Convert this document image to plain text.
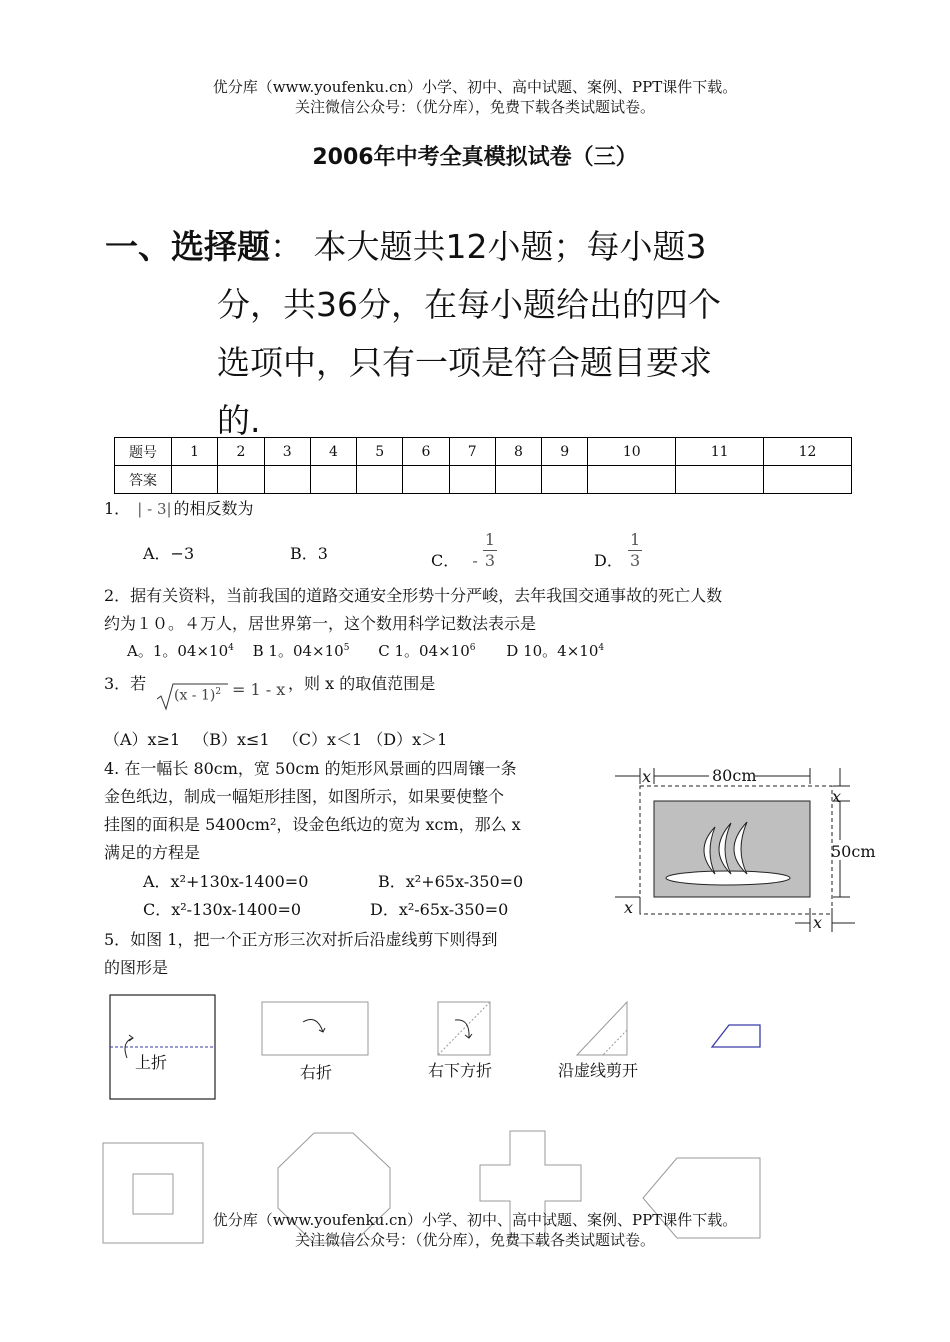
优分库（www.youfenku.cn）小学、初中、高中试题、案例、PPT课件下载。
关注微信公众号：（优分库），免费下载各类试题试卷。
2006年中考全真模拟试卷（三）
一、选择题： 本大题共12小题；每小题3
分，共36分，在每小题给出的四个
选项中，只有一项是符合题目要求
的.
题号	1	2	3	4	5	6	7	8	9	10	11	12
答案												
1． | - 3| 的相反数为
A．−3	B．3	C． - $\frac{1}{3}$	D． $\frac{1}{3}$
2．据有关资料，当前我国的道路交通安全形势十分严峻，去年我国交通事故的死亡人数
约为１０。４万人，居世界第一，这个数用科学记数法表示是
A。1。$04\times 10^4$ B 1。$04\times 10^5$ C 1。$04\times 10^6$ D 10。$4\times 10^4$
3．若
(x - 1)$^2$ = 1 - x ，则 x 的取值范围是
（A）x≥1 　（B）x≤1 　（C）x＜1 （D）x＞1
4. 在一幅长 80cm，宽 50cm 的矩形风景画的四周镶一条
金色纸边，制成一幅矩形挂图，如图所示，如果要使整个
挂图的面积是 5400cm²，设金色纸边的宽为 xcm，那么 x
满足的方程是
A．x²+130x-1400=0	B．x²+65x-350=0
C．x²-130x-1400=0	D．x²-65x-350=0
x	80cm
x
50cm
x
x
5．如图 1，把一个正方形三次对折后沿虚线剪下则得到
的图形是
上折
右折	右下方折	沿虚线剪开
优分库（www.youfenku.cn）小学、初中、高中试题、案例、PPT课件下载。
关注微信公众号：（优分库），免费下载各类试题试卷。
